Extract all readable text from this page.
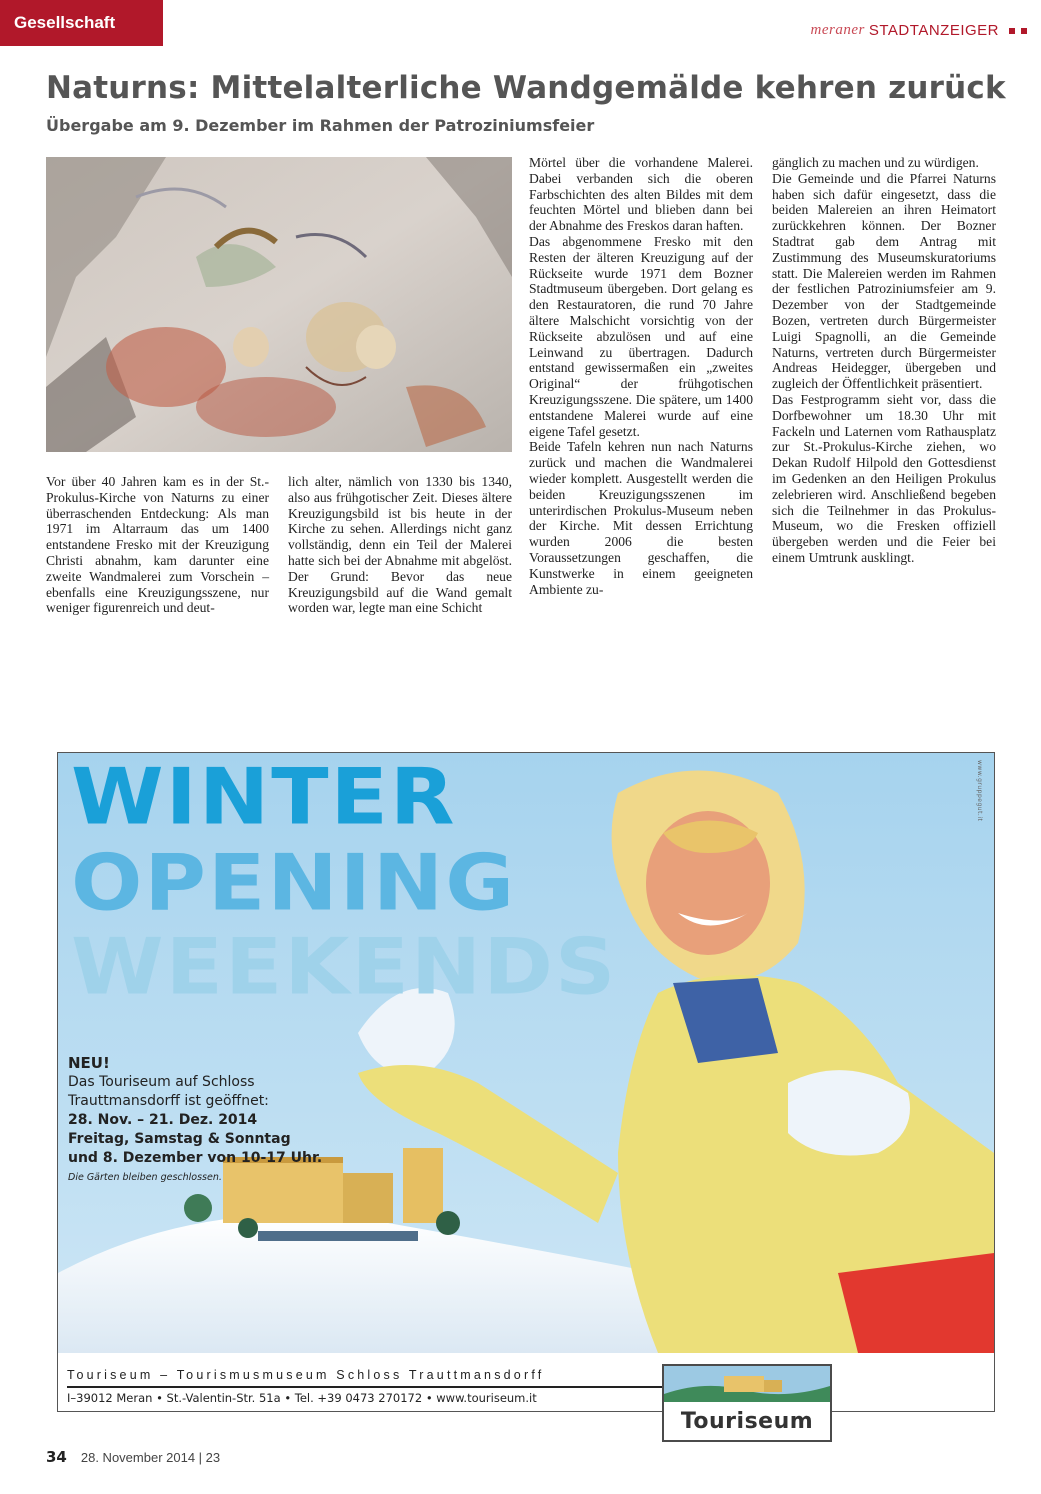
Gesellschaft	meraner STADTANZEIGER
Naturns: Mittelalterliche Wandgemälde kehren zurück
Übergabe am 9. Dezember im Rahmen der Patroziniumsfeier

Vor über 40 Jahren kam es in der St.-Prokulus-Kirche von Naturns zu einer überraschenden Entdeckung: Als man 1971 im Altarraum das um 1400 entstandene Fresko mit der Kreuzigung Christi abnahm, kam darunter eine zweite Wandmalerei zum Vorschein – ebenfalls eine Kreuzigungsszene, nur weniger figurenreich und deut-

lich alter, nämlich von 1330 bis 1340, also aus frühgotischer Zeit. Dieses ältere Kreuzigungsbild ist bis heute in der Kirche zu sehen. Allerdings nicht ganz vollständig, denn ein Teil der Malerei hatte sich bei der Abnahme mit abgelöst. Der Grund: Bevor das neue Kreuzigungsbild auf die Wand gemalt worden war, legte man eine Schicht

Mörtel über die vorhandene Malerei. Dabei verbanden sich die oberen Farbschichten des alten Bildes mit dem feuchten Mörtel und blieben dann bei der Abnahme des Freskos daran haften.

Das abgenommene Fresko mit den Resten der älteren Kreuzigung auf der Rückseite wurde 1971 dem Bozner Stadtmuseum übergeben. Dort gelang es den Restauratoren, die rund 70 Jahre ältere Malschicht vorsichtig von der Rückseite abzulösen und auf eine Leinwand zu übertragen. Dadurch entstand gewissermaßen ein „zweites Original“ der frühgotischen Kreuzigungsszene. Die spätere, um 1400 entstandene Malerei wurde auf eine eigene Tafel gesetzt.

Beide Tafeln kehren nun nach Naturns zurück und machen die Wandmalerei wieder komplett. Ausgestellt werden die beiden Kreuzigungsszenen im unterirdischen Prokulus-Museum neben der Kirche. Mit dessen Errichtung wurden 2006 die besten Voraussetzungen geschaffen, die Kunstwerke in einem geeigneten Ambiente zu-

gänglich zu machen und zu würdigen.

Die Gemeinde und die Pfarrei Naturns haben sich dafür eingesetzt, dass die beiden Malereien an ihren Heimatort zurückkehren können. Der Bozner Stadtrat gab dem Antrag mit Zustimmung des Museumskuratoriums statt. Die Malereien werden im Rahmen der festlichen Patroziniumsfeier am 9. Dezember von der Stadtgemeinde Bozen, vertreten durch Bürgermeister Luigi Spagnolli, an die Gemeinde Naturns, vertreten durch Bürgermeister Andreas Heidegger, übergeben und zugleich der Öffentlichkeit präsentiert.

Das Festprogramm sieht vor, dass die Dorfbewohner um 18.30 Uhr mit Fackeln und Laternen vom Rathausplatz zur St.-Prokulus-Kirche ziehen, wo Dekan Rudolf Hilpold den Gottesdienst im Gedenken an den Heiligen Prokulus zelebrieren wird. Anschließend begeben sich die Teilnehmer in das Prokulus-Museum, wo die Fresken offiziell übergeben werden und die Feier bei einem Umtrunk ausklingt.

WINTER
OPENING
WEEKENDS
www.gruppegut.it
NEU!
Das Touriseum auf Schloss
Trauttmansdorff ist geöffnet:
28. Nov. – 21. Dez. 2014
Freitag, Samstag & Sonntag
und 8. Dezember von 10-17 Uhr.
Die Gärten bleiben geschlossen.
Touriseum – Tourismusmuseum Schloss Trauttmansdorff
I–39012 Meran • St.-Valentin-Str. 51a • Tel. +39 0473 270172 • www.touriseum.it
Touriseum
34 28. November 2014 | 23
